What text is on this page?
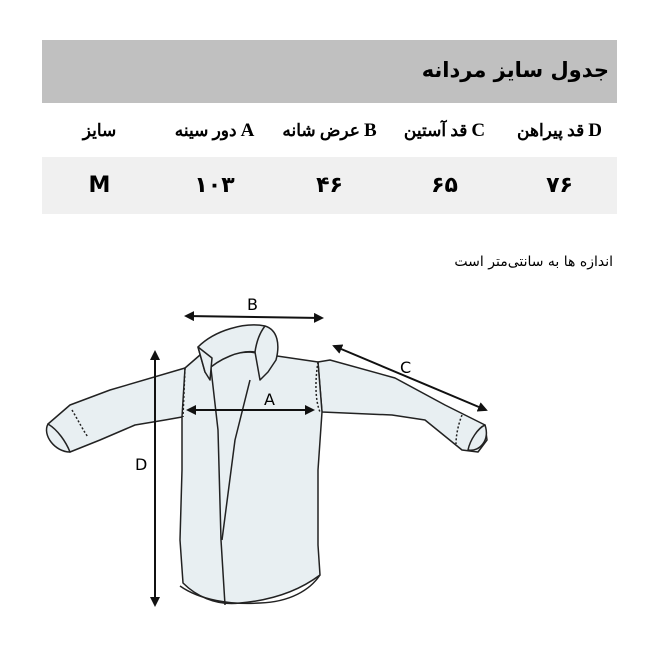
جدول سایز مردانه
D
قد پیراهن
C
قد آستین
B
عرض شانه
A
دور سینه
سایز
۷۶
۶۵
۴۶
۱۰۳
M
اندازه ها به سانتی‌متر است
B
A
C
D
